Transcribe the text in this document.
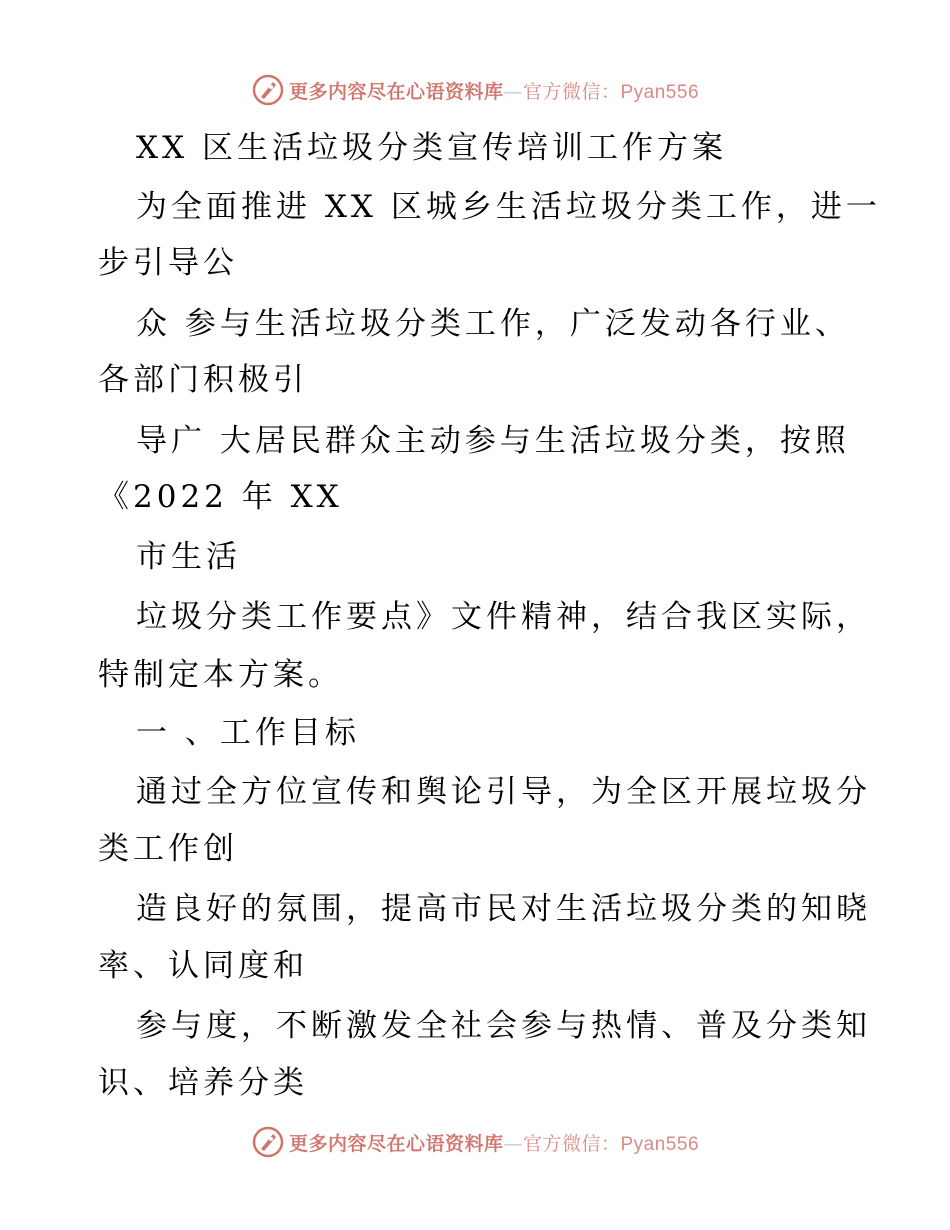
更多内容尽在心语资料库—官方微信：Pyan556
XX 区生活垃圾分类宣传培训工作方案
为全面推进 XX 区城乡生活垃圾分类工作，进一
步引导公
众 参与生活垃圾分类工作，广泛发动各行业、
各部门积极引
导广 大居民群众主动参与生活垃圾分类，按照
《2022 年 XX
市生活
垃圾分类工作要点》文件精神，结合我区实际，
特制定本方案。
一 、工作目标
通过全方位宣传和舆论引导，为全区开展垃圾分
类工作创
造良好的氛围，提高市民对生活垃圾分类的知晓
率、认同度和
参与度，不断激发全社会参与热情、普及分类知
识、培养分类
更多内容尽在心语资料库—官方微信：Pyan556
